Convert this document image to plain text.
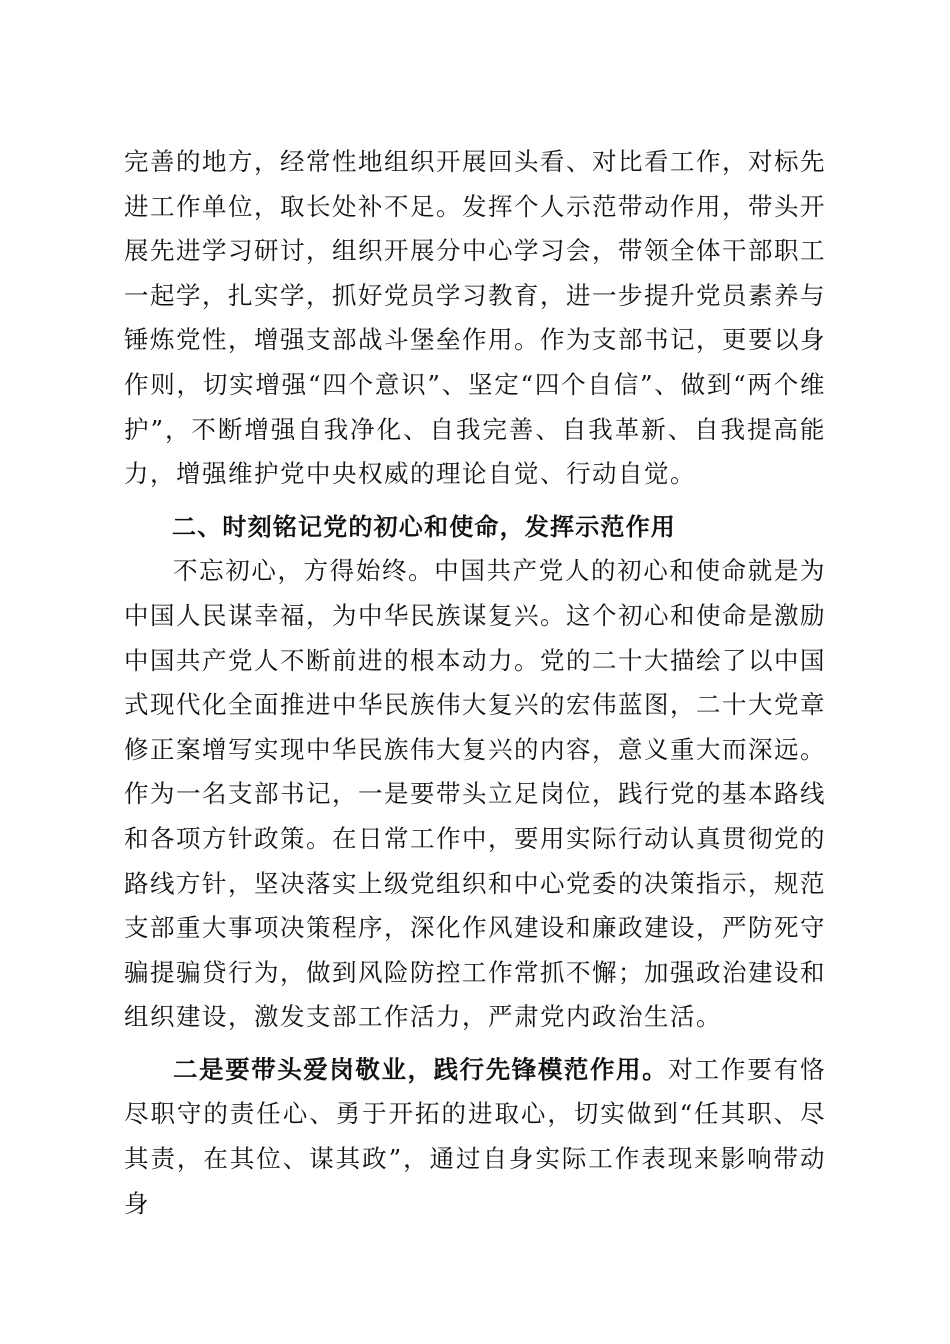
完善的地方，经常性地组织开展回头看、对比看工作，对标先进工作单位，取长处补不足。发挥个人示范带动作用，带头开展先进学习研讨，组织开展分中心学习会，带领全体干部职工一起学，扎实学，抓好党员学习教育，进一步提升党员素养与锤炼党性，增强支部战斗堡垒作用。作为支部书记，更要以身作则，切实增强“四个意识”、坚定“四个自信”、做到“两个维护”，不断增强自我净化、自我完善、自我革新、自我提高能力，增强维护党中央权威的理论自觉、行动自觉。

二、时刻铭记党的初心和使命，发挥示范作用

不忘初心，方得始终。中国共产党人的初心和使命就是为中国人民谋幸福，为中华民族谋复兴。这个初心和使命是激励中国共产党人不断前进的根本动力。党的二十大描绘了以中国式现代化全面推进中华民族伟大复兴的宏伟蓝图，二十大党章修正案增写实现中华民族伟大复兴的内容，意义重大而深远。作为一名支部书记，一是要带头立足岗位，践行党的基本路线和各项方针政策。在日常工作中，要用实际行动认真贯彻党的路线方针，坚决落实上级党组织和中心党委的决策指示，规范支部重大事项决策程序，深化作风建设和廉政建设，严防死守骗提骗贷行为，做到风险防控工作常抓不懈；加强政治建设和组织建设，激发支部工作活力，严肃党内政治生活。

二是要带头爱岗敬业，践行先锋模范作用。对工作要有恪尽职守的责任心、勇于开拓的进取心，切实做到“任其职、尽其责，在其位、谋其政”，通过自身实际工作表现来影响带动身
